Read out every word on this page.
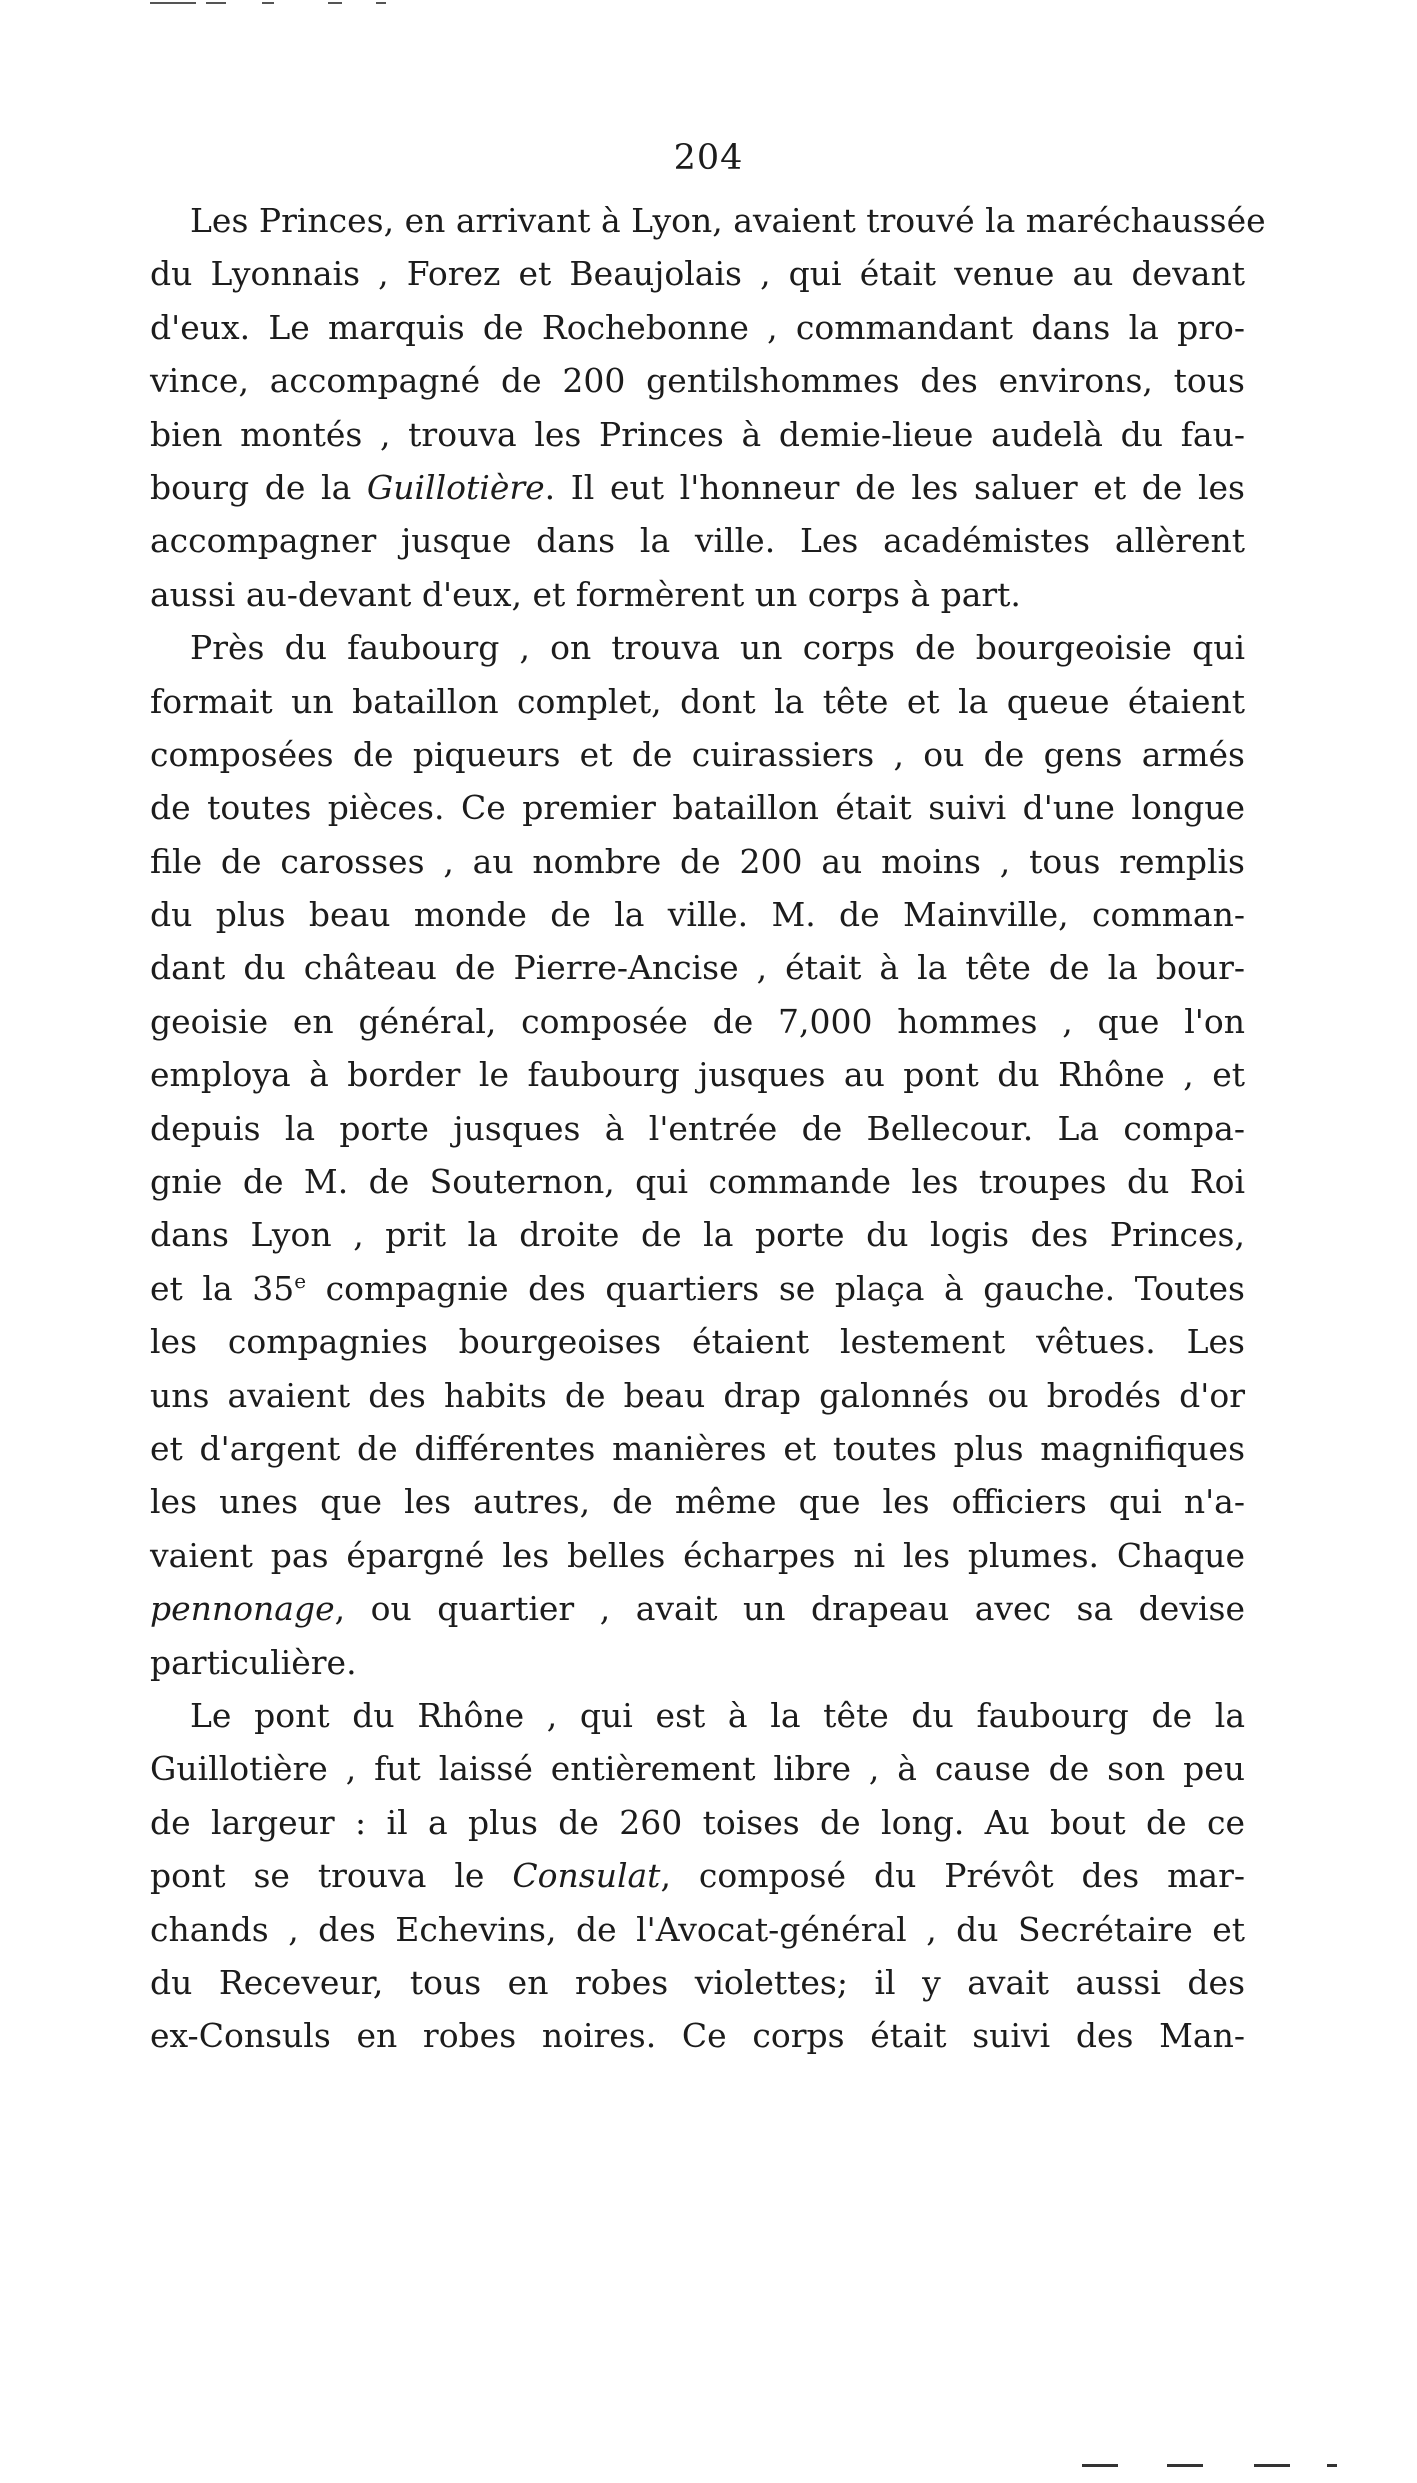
204
Les Princes, en arrivant à Lyon, avaient trouvé la maréchaussée
du Lyonnais , Forez et Beaujolais , qui était venue au devant
d'eux. Le marquis de Rochebonne , commandant dans la pro-
vince, accompagné de 200 gentilshommes des environs, tous
bien montés , trouva les Princes à demie-lieue audelà du fau-
bourg de la Guillotière. Il eut l'honneur de les saluer et de les
accompagner jusque dans la ville. Les académistes allèrent
aussi au-devant d'eux, et formèrent un corps à part.
Près du faubourg , on trouva un corps de bourgeoisie qui
formait un bataillon complet, dont la tête et la queue étaient
composées de piqueurs et de cuirassiers , ou de gens armés
de toutes pièces. Ce premier bataillon était suivi d'une longue
file de carosses , au nombre de 200 au moins , tous remplis
du plus beau monde de la ville. M. de Mainville, comman-
dant du château de Pierre-Ancise , était à la tête de la bour-
geoisie en général, composée de 7,000 hommes , que l'on
employa à border le faubourg jusques au pont du Rhône , et
depuis la porte jusques à l'entrée de Bellecour. La compa-
gnie de M. de Souternon, qui commande les troupes du Roi
dans Lyon , prit la droite de la porte du logis des Princes,
et la 35e compagnie des quartiers se plaça à gauche. Toutes
les compagnies bourgeoises étaient lestement vêtues. Les
uns avaient des habits de beau drap galonnés ou brodés d'or
et d'argent de différentes manières et toutes plus magnifiques
les unes que les autres, de même que les officiers qui n'a-
vaient pas épargné les belles écharpes ni les plumes. Chaque
pennonage, ou quartier , avait un drapeau avec sa devise
particulière.
Le pont du Rhône , qui est à la tête du faubourg de la
Guillotière , fut laissé entièrement libre , à cause de son peu
de largeur : il a plus de 260 toises de long. Au bout de ce
pont se trouva le Consulat, composé du Prévôt des mar-
chands , des Echevins, de l'Avocat-général , du Secrétaire et
du Receveur, tous en robes violettes; il y avait aussi des
ex-Consuls en robes noires. Ce corps était suivi des Man-
